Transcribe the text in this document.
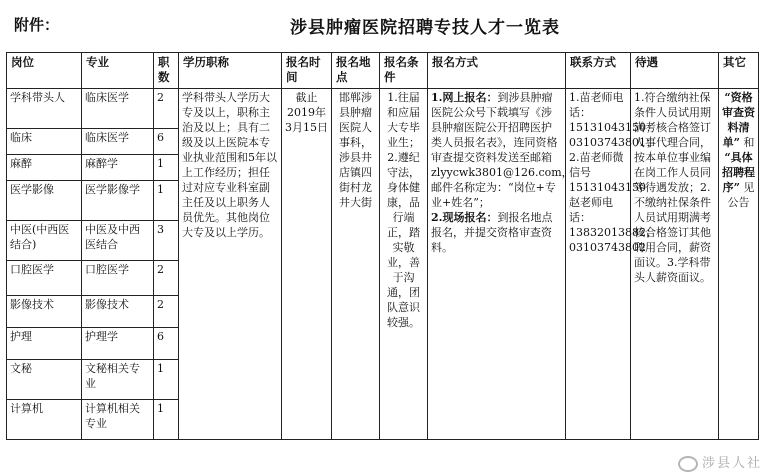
附件：	涉县肿瘤医院招聘专技人才一览表
岗位	专业	职数	学历职称	报名时间	报名地点	报名条件	报名方式	联系方式	待遇	其它
学科带头人	临床医学	2	学科带头人学历大专及以上，职称主治及以上；具有二级及以上医院本专业执业范围和5年以上工作经历；担任过对应专业科室副主任及以上职务人员优先。其他岗位大专及以上学历。	截止2019年3月15日	邯郸涉县肿瘤医院人事科，涉县井店镇四街村龙井大街	1.往届和应届大专毕业生；2.遵纪守法，身体健康，品行端正，踏实敬业，善于沟通，团队意识较强。	1.网上报名：到涉县肿瘤医院公众号下载填写《涉县肿瘤医院公开招聘医护类人员报名表》，连同资格审查提交资料发送至邮箱zlyycwk3801@126.com，邮件名称定为：“岗位+专业+姓名”；
2.现场报名：到报名地点报名，并提交资格审查资料。	1.苗老师电话：15131043150；03103743801；2.苗老师微信号15131043150赵老师电话：13832013882；03103743802	1.符合缴纳社保条件人员试用期满考核合格签订人事代理合同，按本单位事业编在岗工作人员同等待遇发放；2.不缴纳社保条件人员试用期满考核合格签订其他聘用合同，薪资面议。3.学科带头人薪资面议。	“资格审查资料清单” 和 “具体招聘程序” 见公告
临床	临床医学	6								
麻醉	麻醉学	1								
医学影像	医学影像学	1								
中医(中西医结合)	中医及中西医结合	3								
口腔医学	口腔医学	2								
影像技术	影像技术	2								
护理	护理学	6								
文秘	文秘相关专业	1								
计算机	计算机相关专业	1								
涉县人社
